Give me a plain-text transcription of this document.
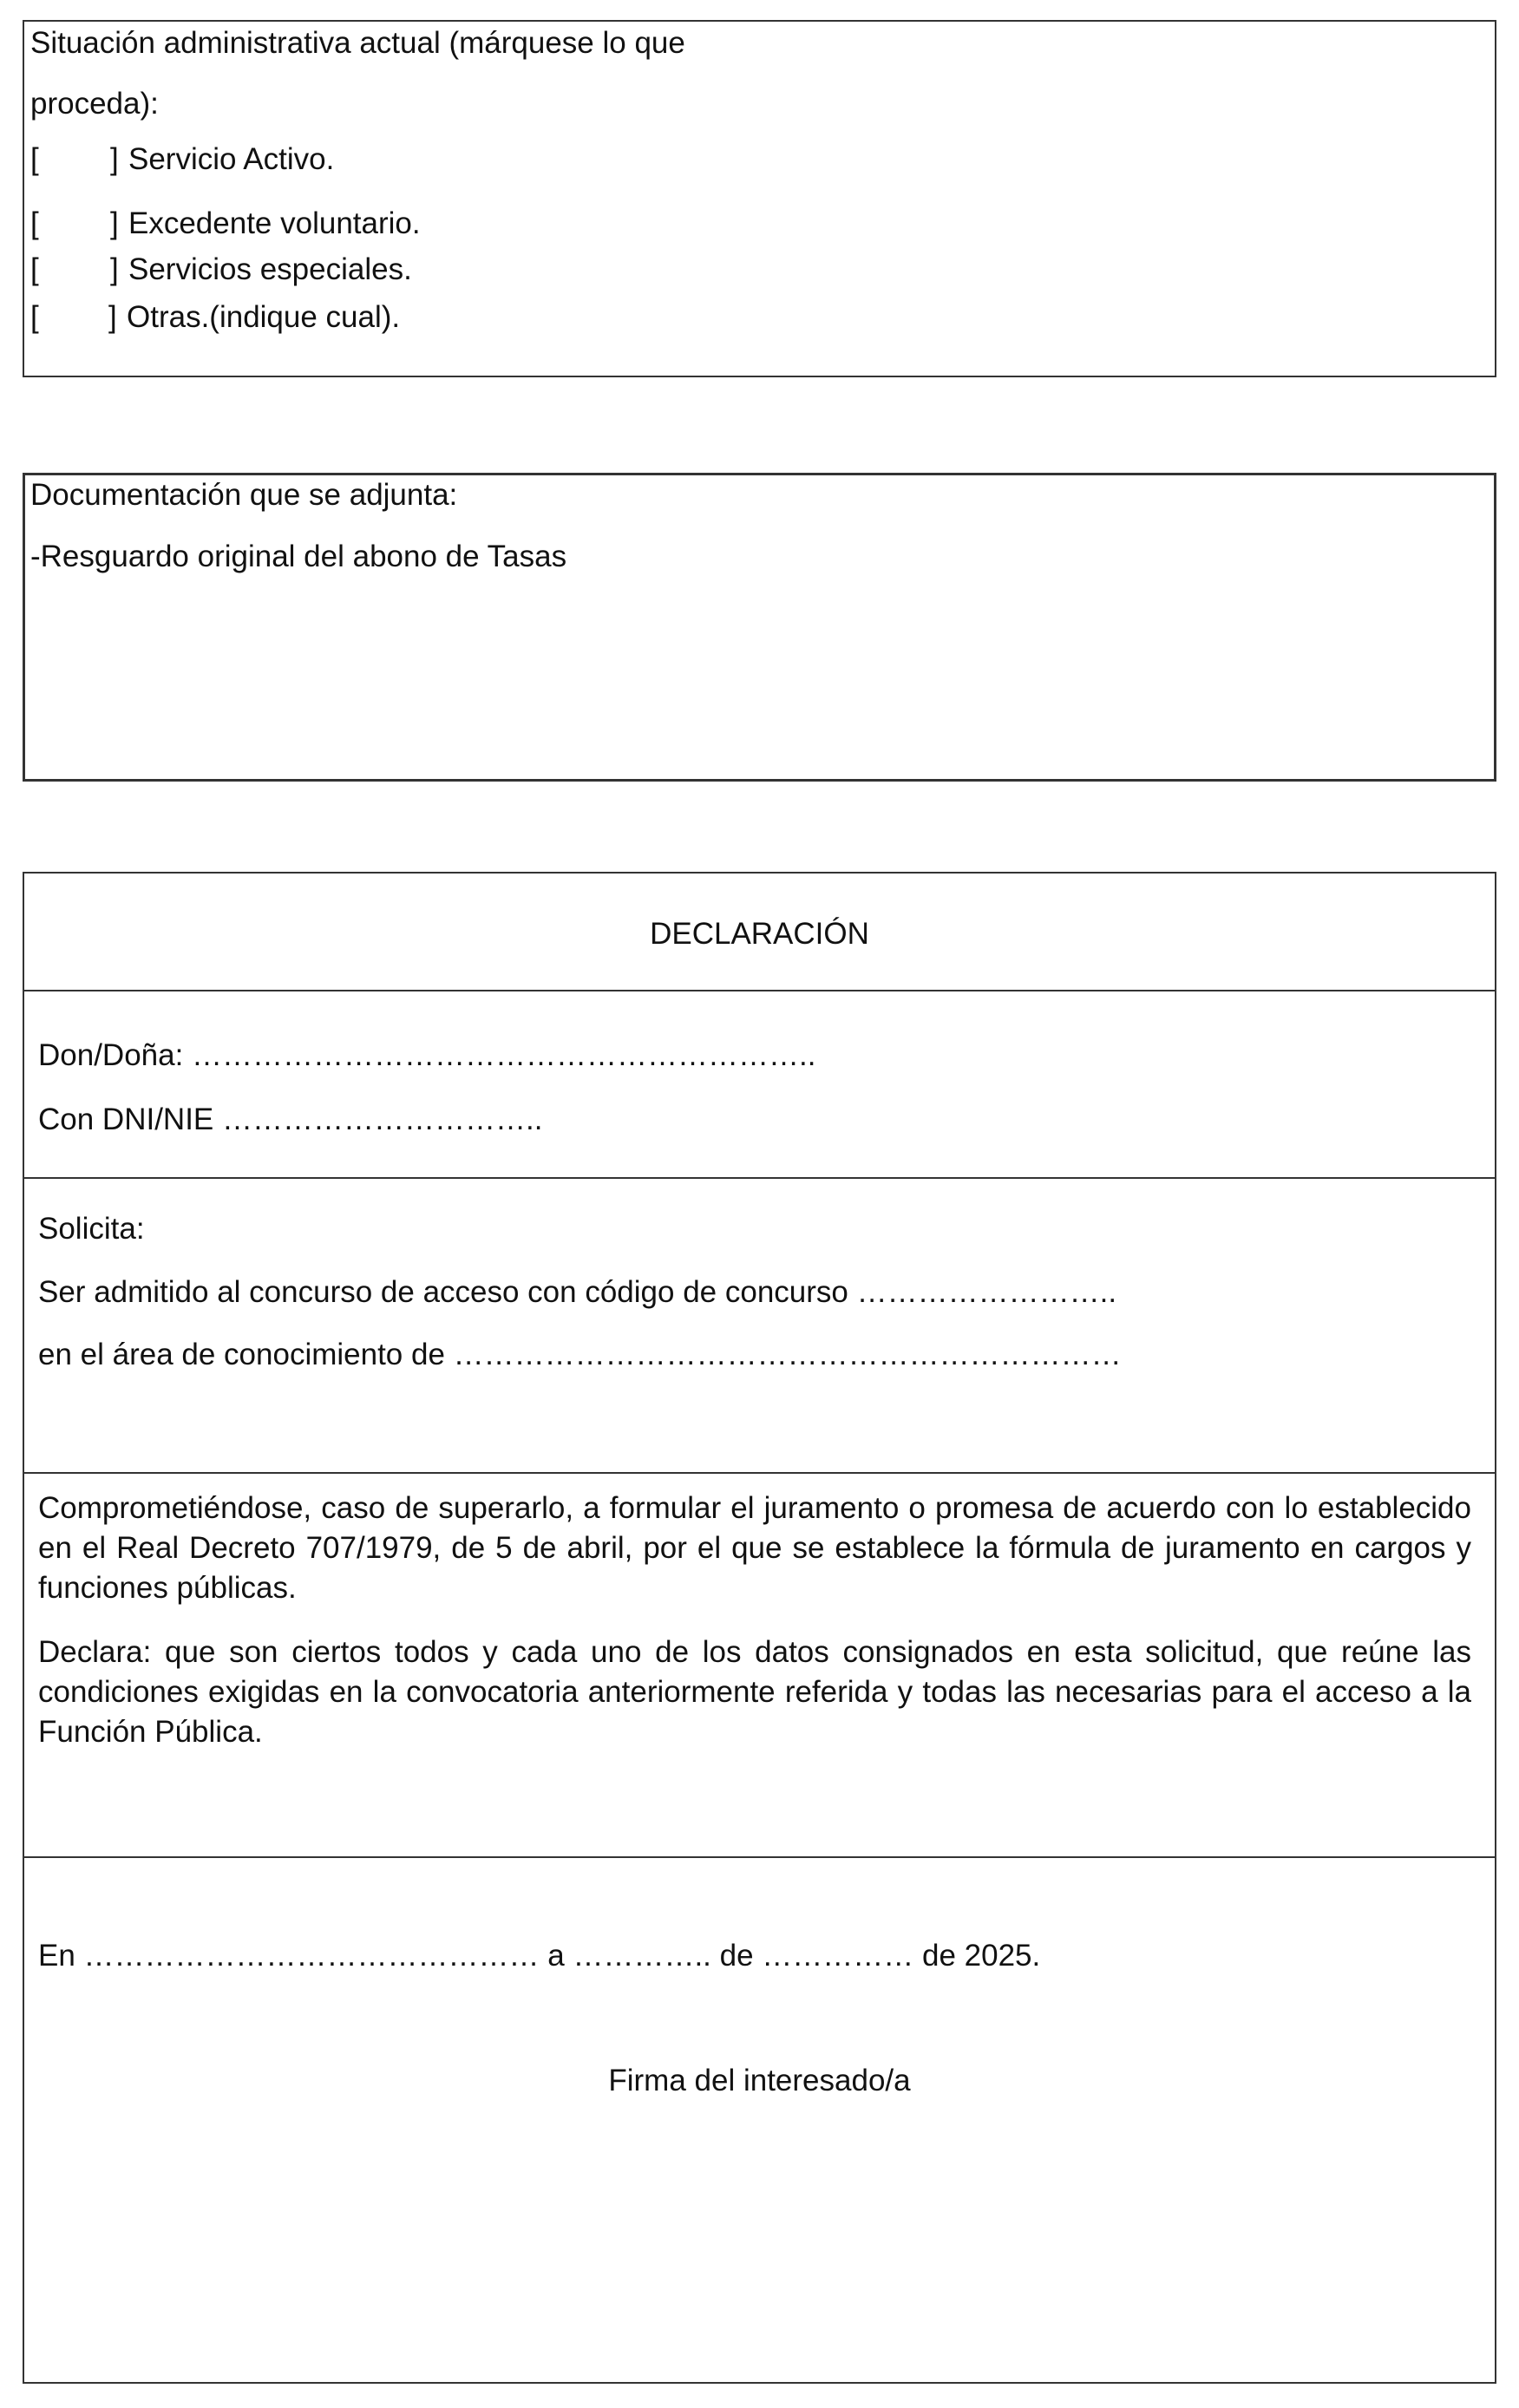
Situación administrativa actual (márquese lo que
proceda):
[ ] Servicio Activo.
[ ] Excedente voluntario.
[ ] Servicios especiales.
[ ] Otras.(indique cual).
Documentación que se adjunta:
-Resguardo original del abono de Tasas
DECLARACIÓN
Don/Doña: ……………………………………………………..
Con DNI/NIE …………………………..
Solicita:
Ser admitido al concurso de acceso con código de concurso ……………………..
en el área de conocimiento de …………………………………………………………
Comprometiéndose, caso de superarlo, a formular el juramento o promesa de acuerdo con lo establecido en el Real Decreto 707/1979, de 5 de abril, por el que se establece la fórmula de juramento en cargos y funciones públicas.
Declara: que son ciertos todos y cada uno de los datos consignados en esta solicitud, que reúne las condiciones exigidas en la convocatoria anteriormente referida y todas las necesarias para el acceso a la Función Pública.
En ……………………………………… a ………….. de …………… de 2025.
Firma del interesado/a
